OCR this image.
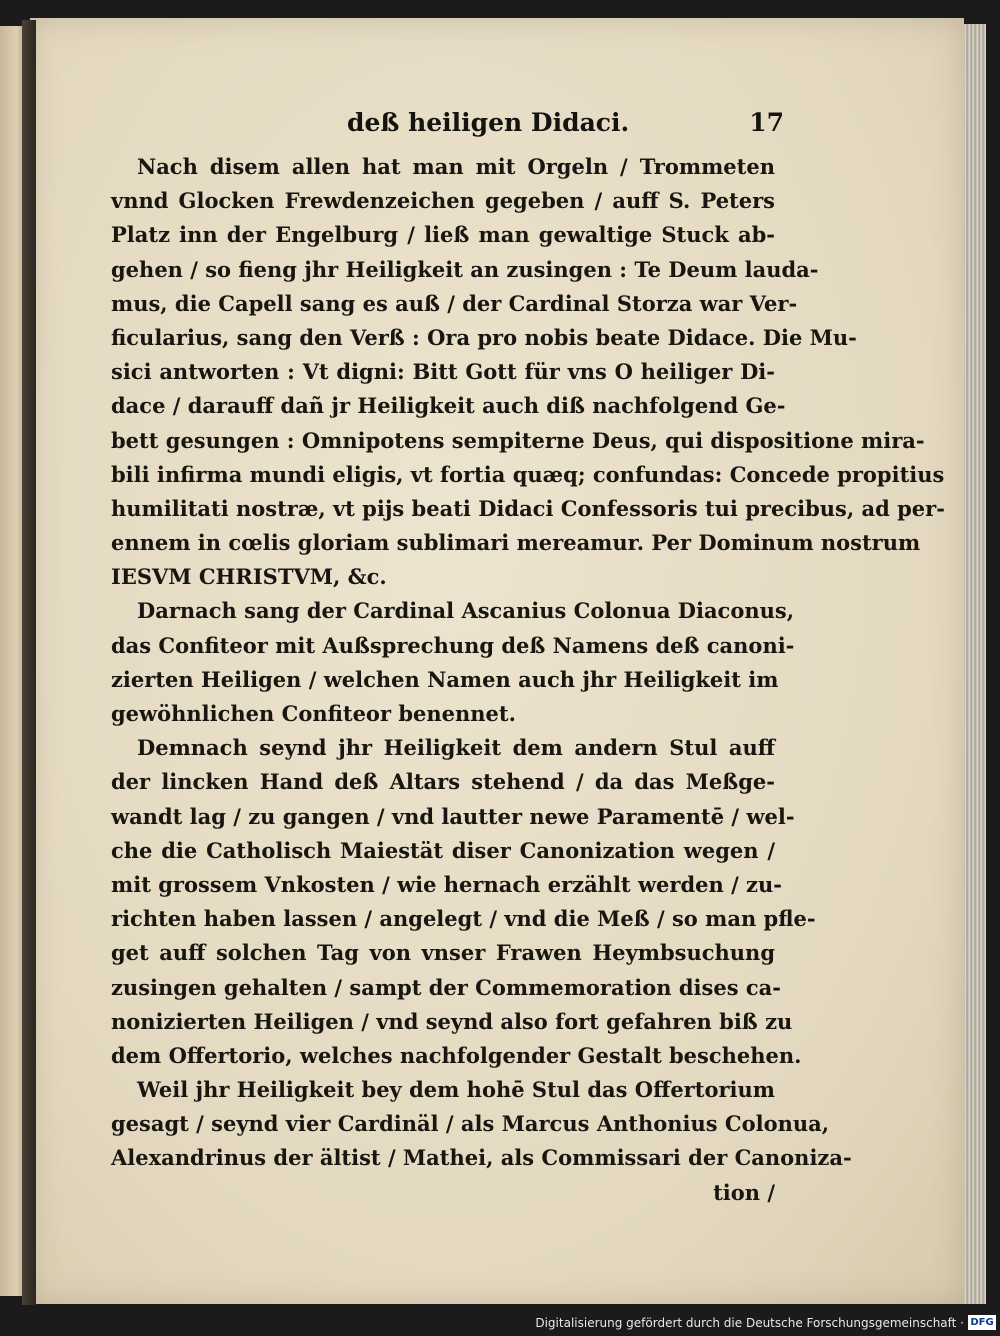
deß heiligen Didaci.	17
Nach disem allen hat man mit Orgeln / Trommeten
vnnd Glocken Frewdenzeichen gegeben / auff S. Peters
Platz inn der Engelburg / ließ man gewaltige Stuck ab-
gehen / so fieng jhr Heiligkeit an zusingen : Te Deum lauda-
mus, die Capell sang es auß / der Cardinal Storza war Ver-
ficularius, sang den Verß : Ora pro nobis beate Didace. Die Mu-
sici antworten : Vt digni: Bitt Gott für vns O heiliger Di-
dace / darauff dañ jr Heiligkeit auch diß nachfolgend Ge-
bett gesungen : Omnipotens sempiterne Deus, qui dispositione mira-
bili infirma mundi eligis, vt fortia quæq; confundas: Concede propitius
humilitati nostræ, vt pijs beati Didaci Confessoris tui precibus, ad per-
ennem in cœlis gloriam sublimari mereamur. Per Dominum nostrum
IESVM CHRISTVM, &c.
Darnach sang der Cardinal Ascanius Colonua Diaconus,
das Confiteor mit Außsprechung deß Namens deß canoni-
zierten Heiligen / welchen Namen auch jhr Heiligkeit im
gewöhnlichen Confiteor benennet.
Demnach seynd jhr Heiligkeit dem andern Stul auff
der lincken Hand deß Altars stehend / da das Meßge-
wandt lag / zu gangen / vnd lautter newe Paramentē / wel-
che die Catholisch Maiestät diser Canonization wegen /
mit grossem Vnkosten / wie hernach erzählt werden / zu-
richten haben lassen / angelegt / vnd die Meß / so man pfle-
get auff solchen Tag von vnser Frawen Heymbsuchung
zusingen gehalten / sampt der Commemoration dises ca-
nonizierten Heiligen / vnd seynd also fort gefahren biß zu
dem Offertorio, welches nachfolgender Gestalt beschehen.
Weil jhr Heiligkeit bey dem hohē Stul das Offertorium
gesagt / seynd vier Cardinäl / als Marcus Anthonius Colonua,
Alexandrinus der ältist / Mathei, als Commissari der Canoniza-
tion /
Digitalisierung gefördert durch die Deutsche Forschungsgemeinschaft · DFG
